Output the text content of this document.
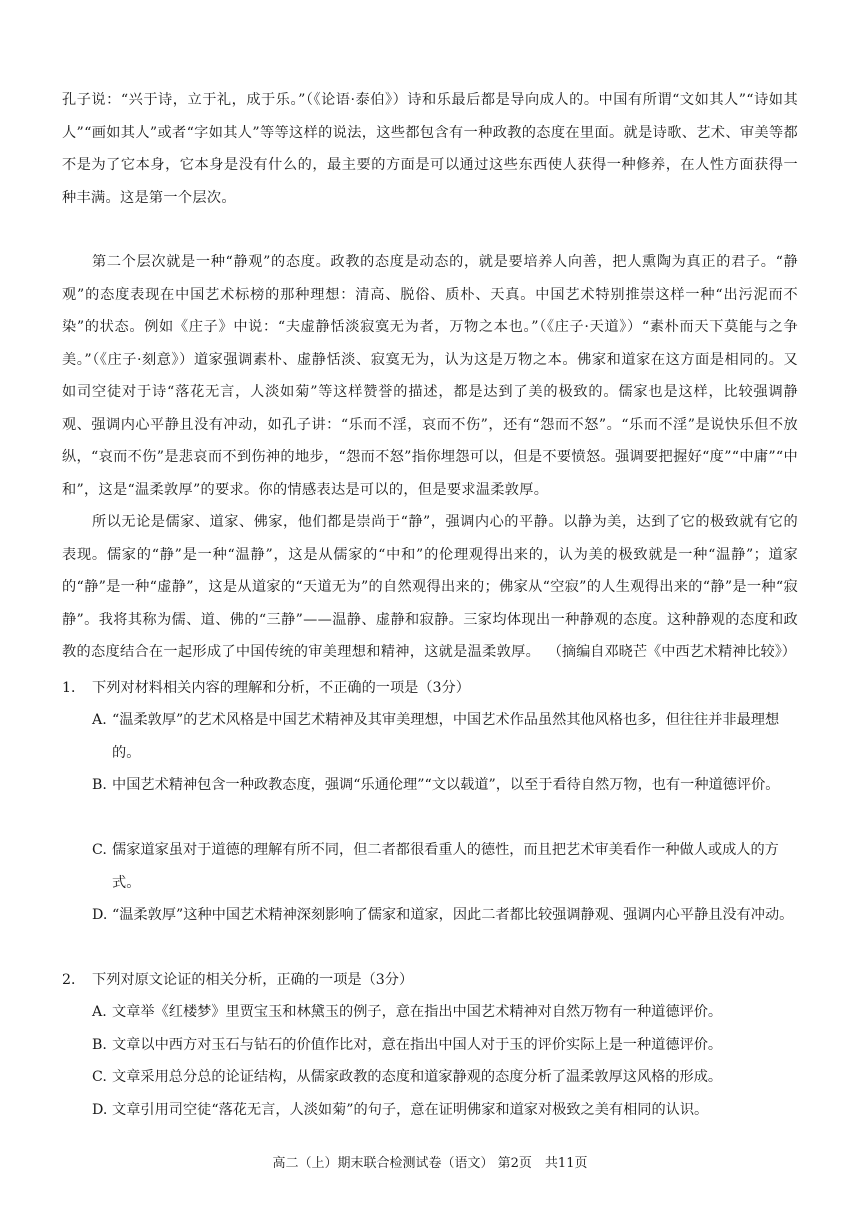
孔子说：“兴于诗，立于礼，成于乐。”（《论语·泰伯》）诗和乐最后都是导向成人的。中国有所谓“文如其人”“诗如其人”“画如其人”或者“字如其人”等等这样的说法，这些都包含有一种政教的态度在里面。就是诗歌、艺术、审美等都不是为了它本身，它本身是没有什么的，最主要的方面是可以通过这些东西使人获得一种修养，在人性方面获得一种丰满。这是第一个层次。

第二个层次就是一种“静观”的态度。政教的态度是动态的，就是要培养人向善，把人熏陶为真正的君子。“静观”的态度表现在中国艺术标榜的那种理想：清高、脱俗、质朴、天真。中国艺术特别推崇这样一种“出污泥而不染”的状态。例如《庄子》中说：“夫虚静恬淡寂寞无为者，万物之本也。”（《庄子·天道》）“素朴而天下莫能与之争美。”（《庄子·刻意》）道家强调素朴、虚静恬淡、寂寞无为，认为这是万物之本。佛家和道家在这方面是相同的。又如司空徒对于诗“落花无言，人淡如菊”等这样赞誉的描述，都是达到了美的极致的。儒家也是这样，比较强调静观、强调内心平静且没有冲动，如孔子讲：“乐而不淫，哀而不伤”，还有“怨而不怒”。“乐而不淫”是说快乐但不放纵，“哀而不伤”是悲哀而不到伤神的地步，“怨而不怒”指你埋怨可以，但是不要愤怒。强调要把握好“度”“中庸”“中和”，这是“温柔敦厚”的要求。你的情感表达是可以的，但是要求温柔敦厚。

所以无论是儒家、道家、佛家，他们都是崇尚于“静”，强调内心的平静。以静为美，达到了它的极致就有它的表现。儒家的“静”是一种“温静”，这是从儒家的“中和”的伦理观得出来的，认为美的极致就是一种“温静”；道家的“静”是一种“虚静”，这是从道家的“天道无为”的自然观得出来的；佛家从“空寂”的人生观得出来的“静”是一种“寂静”。我将其称为儒、道、佛的“三静”——温静、虚静和寂静。三家均体现出一种静观的态度。这种静观的态度和政教的态度结合在一起形成了中国传统的审美理想和精神，这就是温柔敦厚。 （摘编自邓晓芒《中西艺术精神比较》）
1． 下列对材料相关内容的理解和分析，不正确的一项是（3分）
A. “温柔敦厚”的艺术风格是中国艺术精神及其审美理想，中国艺术作品虽然其他风格也多，但往往并非最理想的。
B. 中国艺术精神包含一种政教态度，强调“乐通伦理”“文以载道”，以至于看待自然万物，也有一种道德评价。
C. 儒家道家虽对于道德的理解有所不同，但二者都很看重人的德性，而且把艺术审美看作一种做人或成人的方式。
D. “温柔敦厚”这种中国艺术精神深刻影响了儒家和道家，因此二者都比较强调静观、强调内心平静且没有冲动。
2． 下列对原文论证的相关分析，正确的一项是（3分）
A. 文章举《红楼梦》里贾宝玉和林黛玉的例子，意在指出中国艺术精神对自然万物有一种道德评价。
B. 文章以中西方对玉石与钻石的价值作比对，意在指出中国人对于玉的评价实际上是一种道德评价。
C. 文章采用总分总的论证结构，从儒家政教的态度和道家静观的态度分析了温柔敦厚这风格的形成。
D. 文章引用司空徒“落花无言，人淡如菊”的句子，意在证明佛家和道家对极致之美有相同的认识。
高二（上）期末联合检测试卷（语文） 第2页　共11页
